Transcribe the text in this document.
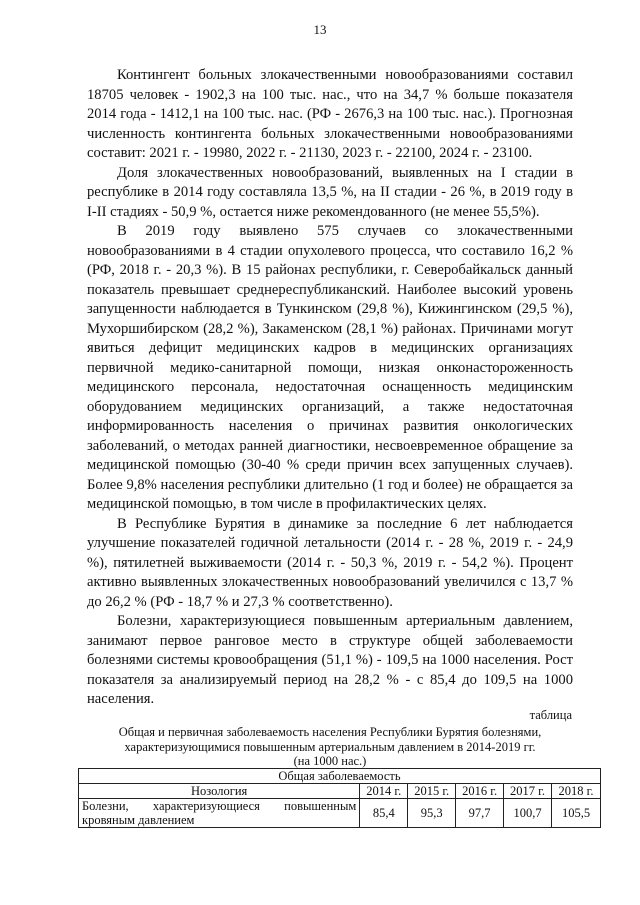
13

Контингент больных злокачественными новообразованиями составил 18705 человек - 1902,3 на 100 тыс. нас., что на 34,7 % больше показателя 2014 года - 1412,1 на 100 тыс. нас. (РФ - 2676,3 на 100 тыс. нас.). Прогнозная численность контингента больных злокачественными новообразованиями составит: 2021 г. - 19980, 2022 г. - 21130, 2023 г. - 22100, 2024 г. - 23100.

Доля злокачественных новообразований, выявленных на I стадии в республике в 2014 году составляла 13,5 %, на II стадии - 26 %, в 2019 году в I-II стадиях - 50,9 %, остается ниже рекомендованного (не менее 55,5%).

В 2019 году выявлено 575 случаев со злокачественными новообразованиями в 4 стадии опухолевого процесса, что составило 16,2 % (РФ, 2018 г. - 20,3 %). В 15 районах республики, г. Северобайкальск данный показатель превышает среднереспубликанский. Наиболее высокий уровень запущенности наблюдается в Тункинском (29,8 %), Кижингинском (29,5 %), Мухоршибирском (28,2 %), Закаменском (28,1 %) районах. Причинами могут явиться дефицит медицинских кадров в медицинских организациях первичной медико-санитарной помощи, низкая онконастороженность медицинского персонала, недостаточная оснащенность медицинским оборудованием медицинских организаций, а также недостаточная информированность населения о причинах развития онкологических заболеваний, о методах ранней диагностики, несвоевременное обращение за медицинской помощью (30-40 % среди причин всех запущенных случаев). Более 9,8% населения республики длительно (1 год и более) не обращается за медицинской помощью, в том числе в профилактических целях.

В Республике Бурятия в динамике за последние 6 лет наблюдается улучшение показателей годичной летальности (2014 г. - 28 %, 2019 г. - 24,9 %), пятилетней выживаемости (2014 г. - 50,3 %, 2019 г. - 54,2 %). Процент активно выявленных злокачественных новообразований увеличился с 13,7 % до 26,2 % (РФ - 18,7 % и 27,3 % соответственно).

Болезни, характеризующиеся повышенным артериальным давлением, занимают первое ранговое место в структуре общей заболеваемости болезнями системы кровообращения (51,1 %) - 109,5 на 1000 населения. Рост показателя за анализируемый период на 28,2 % - с 85,4 до 109,5 на 1000 населения.

таблица
Общая и первичная заболеваемость населения Республики Бурятия болезнями,
характеризующимися повышенным артериальным давлением в 2014-2019 гг.
(на 1000 нас.)
Общая заболеваемость					
Нозология	2014 г.	2015 г.	2016 г.	2017 г.	2018 г.
Болезни, характеризующиеся повышенным кровяным давлением	85,4	95,3	97,7	100,7	105,5
